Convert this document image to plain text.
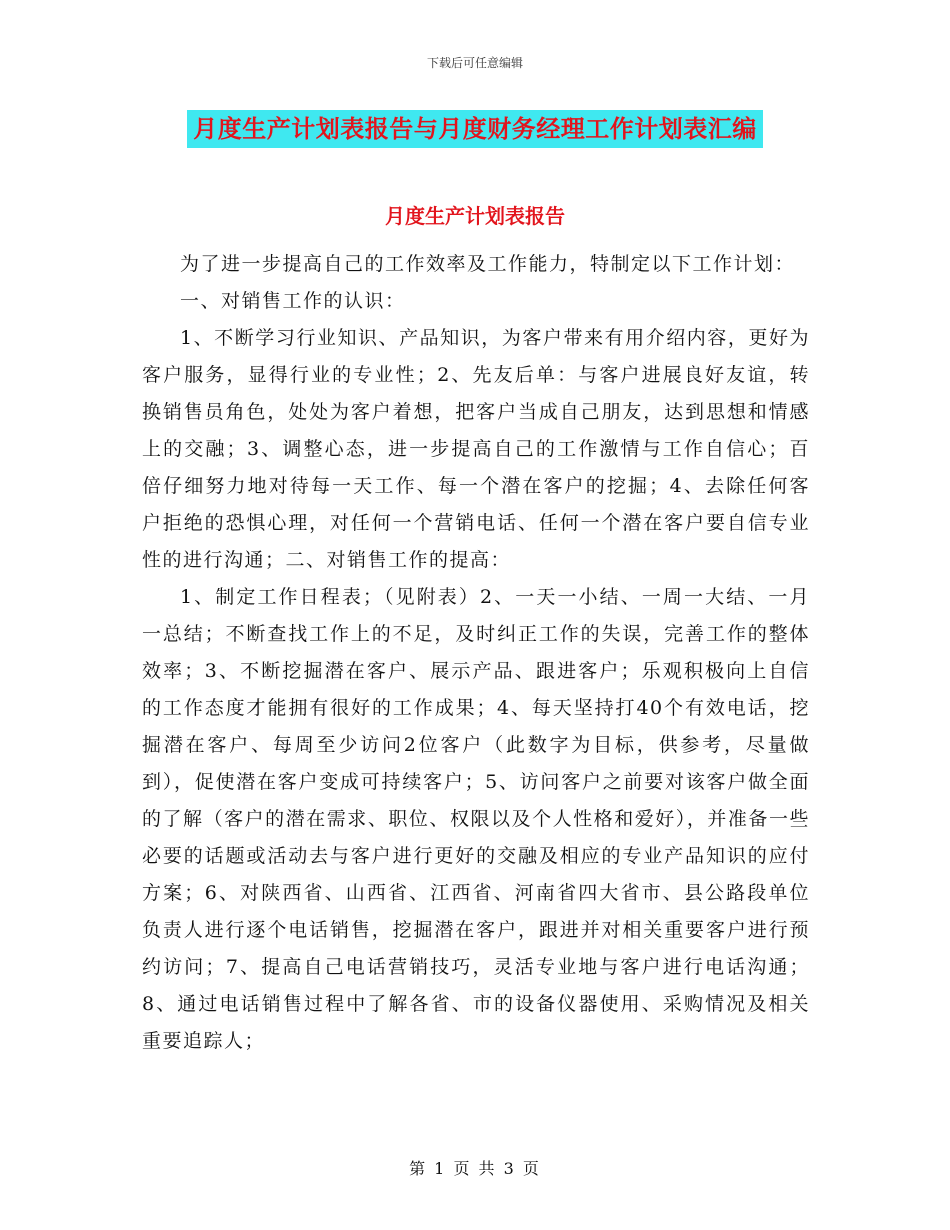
下载后可任意编辑
月度生产计划表报告与月度财务经理工作计划表汇编
月度生产计划表报告

为了进一步提高自己的工作效率及工作能力，特制定以下工作计划：

一、对销售工作的认识：

1、不断学习行业知识、产品知识，为客户带来有用介绍内容，更好为客户服务，显得行业的专业性；2、先友后单：与客户进展良好友谊，转换销售员角色，处处为客户着想，把客户当成自己朋友，达到思想和情感上的交融；3、调整心态，进一步提高自己的工作激情与工作自信心；百倍仔细努力地对待每一天工作、每一个潜在客户的挖掘；4、去除任何客户拒绝的恐惧心理，对任何一个营销电话、任何一个潜在客户要自信专业性的进行沟通；二、对销售工作的提高：

1、制定工作日程表；（见附表）2、一天一小结、一周一大结、一月一总结；不断查找工作上的不足，及时纠正工作的失误，完善工作的整体效率；3、不断挖掘潜在客户、展示产品、跟进客户；乐观积极向上自信的工作态度才能拥有很好的工作成果；4、每天坚持打40个有效电话，挖掘潜在客户、每周至少访问2位客户（此数字为目标，供参考，尽量做到），促使潜在客户变成可持续客户；5、访问客户之前要对该客户做全面的了解（客户的潜在需求、职位、权限以及个人性格和爱好），并准备一些必要的话题或活动去与客户进行更好的交融及相应的专业产品知识的应付方案；6、对陕西省、山西省、江西省、河南省四大省市、县公路段单位负责人进行逐个电话销售，挖掘潜在客户，跟进并对相关重要客户进行预约访问；7、提高自己电话营销技巧，灵活专业地与客户进行电话沟通；8、通过电话销售过程中了解各省、市的设备仪器使用、采购情况及相关重要追踪人；

第 1 页 共 3 页
